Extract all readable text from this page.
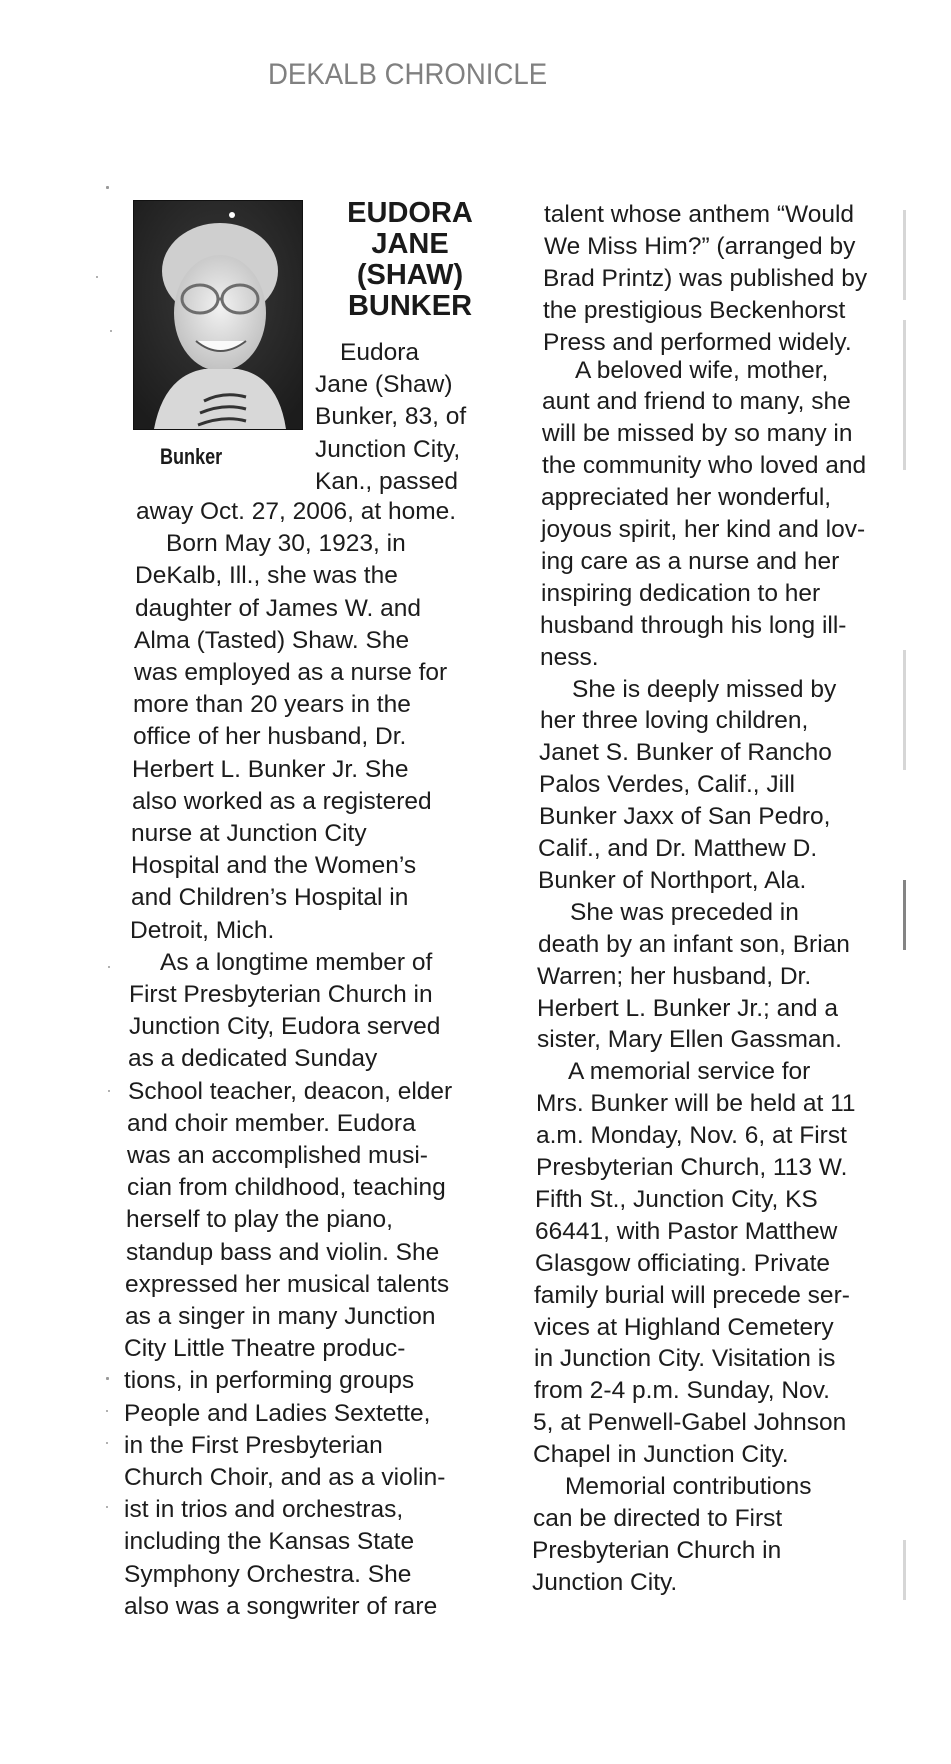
DEKALB CHRONICLE
Bunker
EUDORA
JANE
(SHAW)
BUNKER
Eudora
Jane (Shaw)
Bunker, 83, of
Junction City,
Kan., passed
away Oct. 27, 2006, at home.
Born May 30, 1923, in
DeKalb, Ill., she was the
daughter of James W. and
Alma (Tasted) Shaw. She
was employed as a nurse for
more than 20 years in the
office of her husband, Dr.
Herbert L. Bunker Jr. She
also worked as a registered
nurse at Junction City
Hospital and the Women’s
and Children’s Hospital in
Detroit, Mich.
As a longtime member of
First Presbyterian Church in
Junction City, Eudora served
as a dedicated Sunday
School teacher, deacon, elder
and choir member. Eudora
was an accomplished musi-
cian from childhood, teaching
herself to play the piano,
standup bass and violin. She
expressed her musical talents
as a singer in many Junction
City Little Theatre produc-
tions, in performing groups
People and Ladies Sextette,
in the First Presbyterian
Church Choir, and as a violin-
ist in trios and orchestras,
including the Kansas State
Symphony Orchestra. She
also was a songwriter of rare
talent whose anthem “Would
We Miss Him?” (arranged by
Brad Printz) was published by
the prestigious Beckenhorst
Press and performed widely.
A beloved wife, mother,
aunt and friend to many, she
will be missed by so many in
the community who loved and
appreciated her wonderful,
joyous spirit, her kind and lov-
ing care as a nurse and her
inspiring dedication to her
husband through his long ill-
ness.
She is deeply missed by
her three loving children,
Janet S. Bunker of Rancho
Palos Verdes, Calif., Jill
Bunker Jaxx of San Pedro,
Calif., and Dr. Matthew D.
Bunker of Northport, Ala.
She was preceded in
death by an infant son, Brian
Warren; her husband, Dr.
Herbert L. Bunker Jr.; and a
sister, Mary Ellen Gassman.
A memorial service for
Mrs. Bunker will be held at 11
a.m. Monday, Nov. 6, at First
Presbyterian Church, 113 W.
Fifth St., Junction City, KS
66441, with Pastor Matthew
Glasgow officiating. Private
family burial will precede ser-
vices at Highland Cemetery
in Junction City. Visitation is
from 2-4 p.m. Sunday, Nov.
5, at Penwell-Gabel Johnson
Chapel in Junction City.
Memorial contributions
can be directed to First
Presbyterian Church in
Junction City.
